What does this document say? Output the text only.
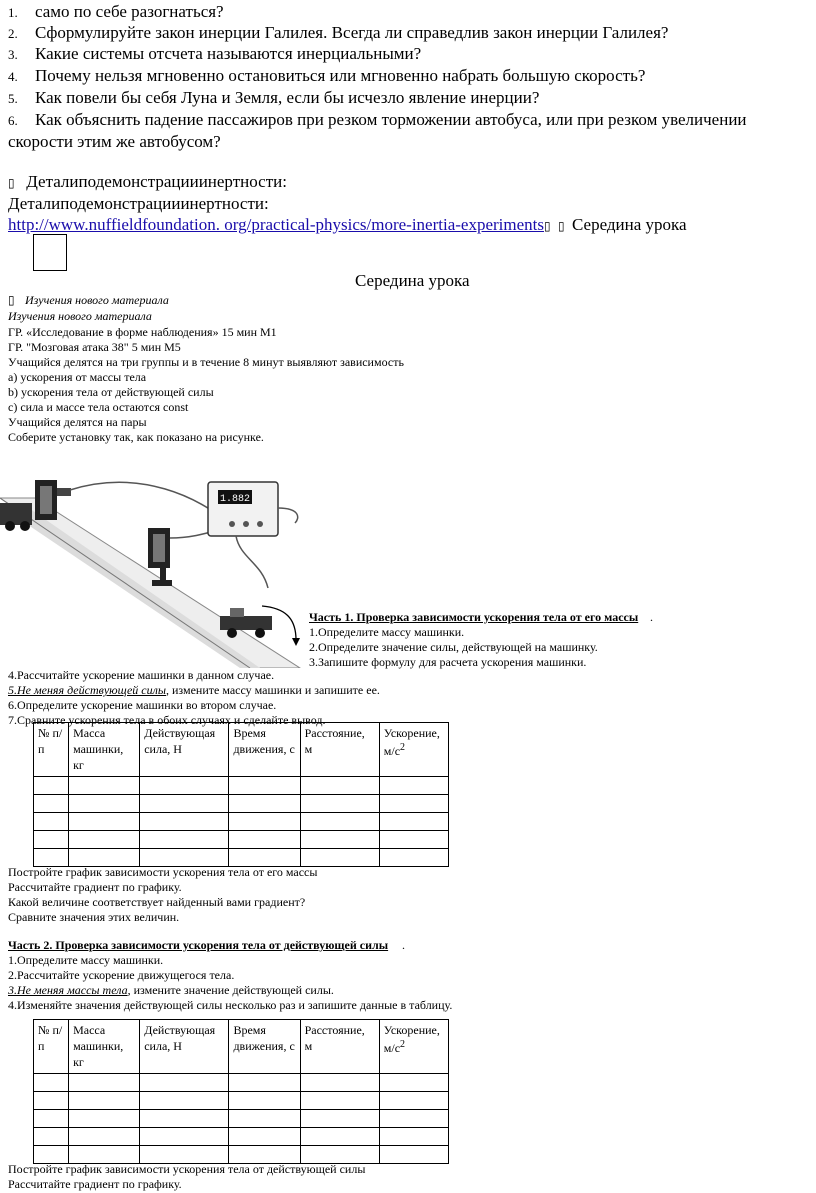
1. само по себе разогнаться?
2. Сформулируйте закон инерции Галилея. Всегда ли справедлив закон инерции Галилея?
3. Какие системы отсчета называются инерциальными?
4. Почему нельзя мгновенно остановиться или мгновенно набрать большую скорость?
5. Как повели бы себя Луна и Земля, если бы исчезло явление инерции?
6. Как объяснить падение пассажиров при резком торможении автобуса, или при резком увеличении
скорости этим же автобусом?
▯ Деталиподемонстрацииинертности:
Деталиподемонстрацииинертности:
http://www.nuffieldfoundation. org/practical-physics/more-inertia-experiments▯ ▯ Середина урока
Середина урока
▯ Изучения нового материала
Изучения нового материала
ГР. «Исследование в форме наблюдения» 15 мин М1
ГР. "Мозговая атака 38" 5 мин М5
Учащийся делятся на три группы и в течение 8 минут выявляют зависимость
а) ускорения от массы тела
b) ускорения тела от действующей силы
c) сила и массе тела остаются const
Учащийся делятся на пары
Соберите установку так, как показано на рисунке.
1.882
Часть 1. Проверка зависимости ускорения тела от его массы .
1.Определите массу машинки.
2.Определите значение силы, действующей на машинку.
3.Запишите формулу для расчета ускорения машинки.
4.Рассчитайте ускорение машинки в данном случае.
5.Не меняя действующей силы, измените массу машинки и запишите ее.
6.Определите ускорение машинки во втором случае.
7.Сравните ускорения тела в обоих случаях и сделайте вывод.
№ п/п	Масса машинки, кг	Действующая сила, Н	Время движения, с	Расстояние, м	Ускорение, $м/с^2$

Постройте график зависимости ускорения тела от его массы
Рассчитайте градиент по графику.
Какой величине соответствует найденный вами градиент?
Сравните значения этих величин.
Часть 2. Проверка зависимости ускорения тела от действующей силы .
1.Определите массу машинки.
2.Рассчитайте ускорение движущегося тела.
3.Не меняя массы тела, измените значение действующей силы.
4.Изменяйте значения действующей силы несколько раз и запишите данные в таблицу.
№ п/п	Масса машинки, кг	Действующая сила, Н	Время движения, с	Расстояние, м	Ускорение, $м/с^2$

Постройте график зависимости ускорения тела от действующей силы
Рассчитайте градиент по графику.
